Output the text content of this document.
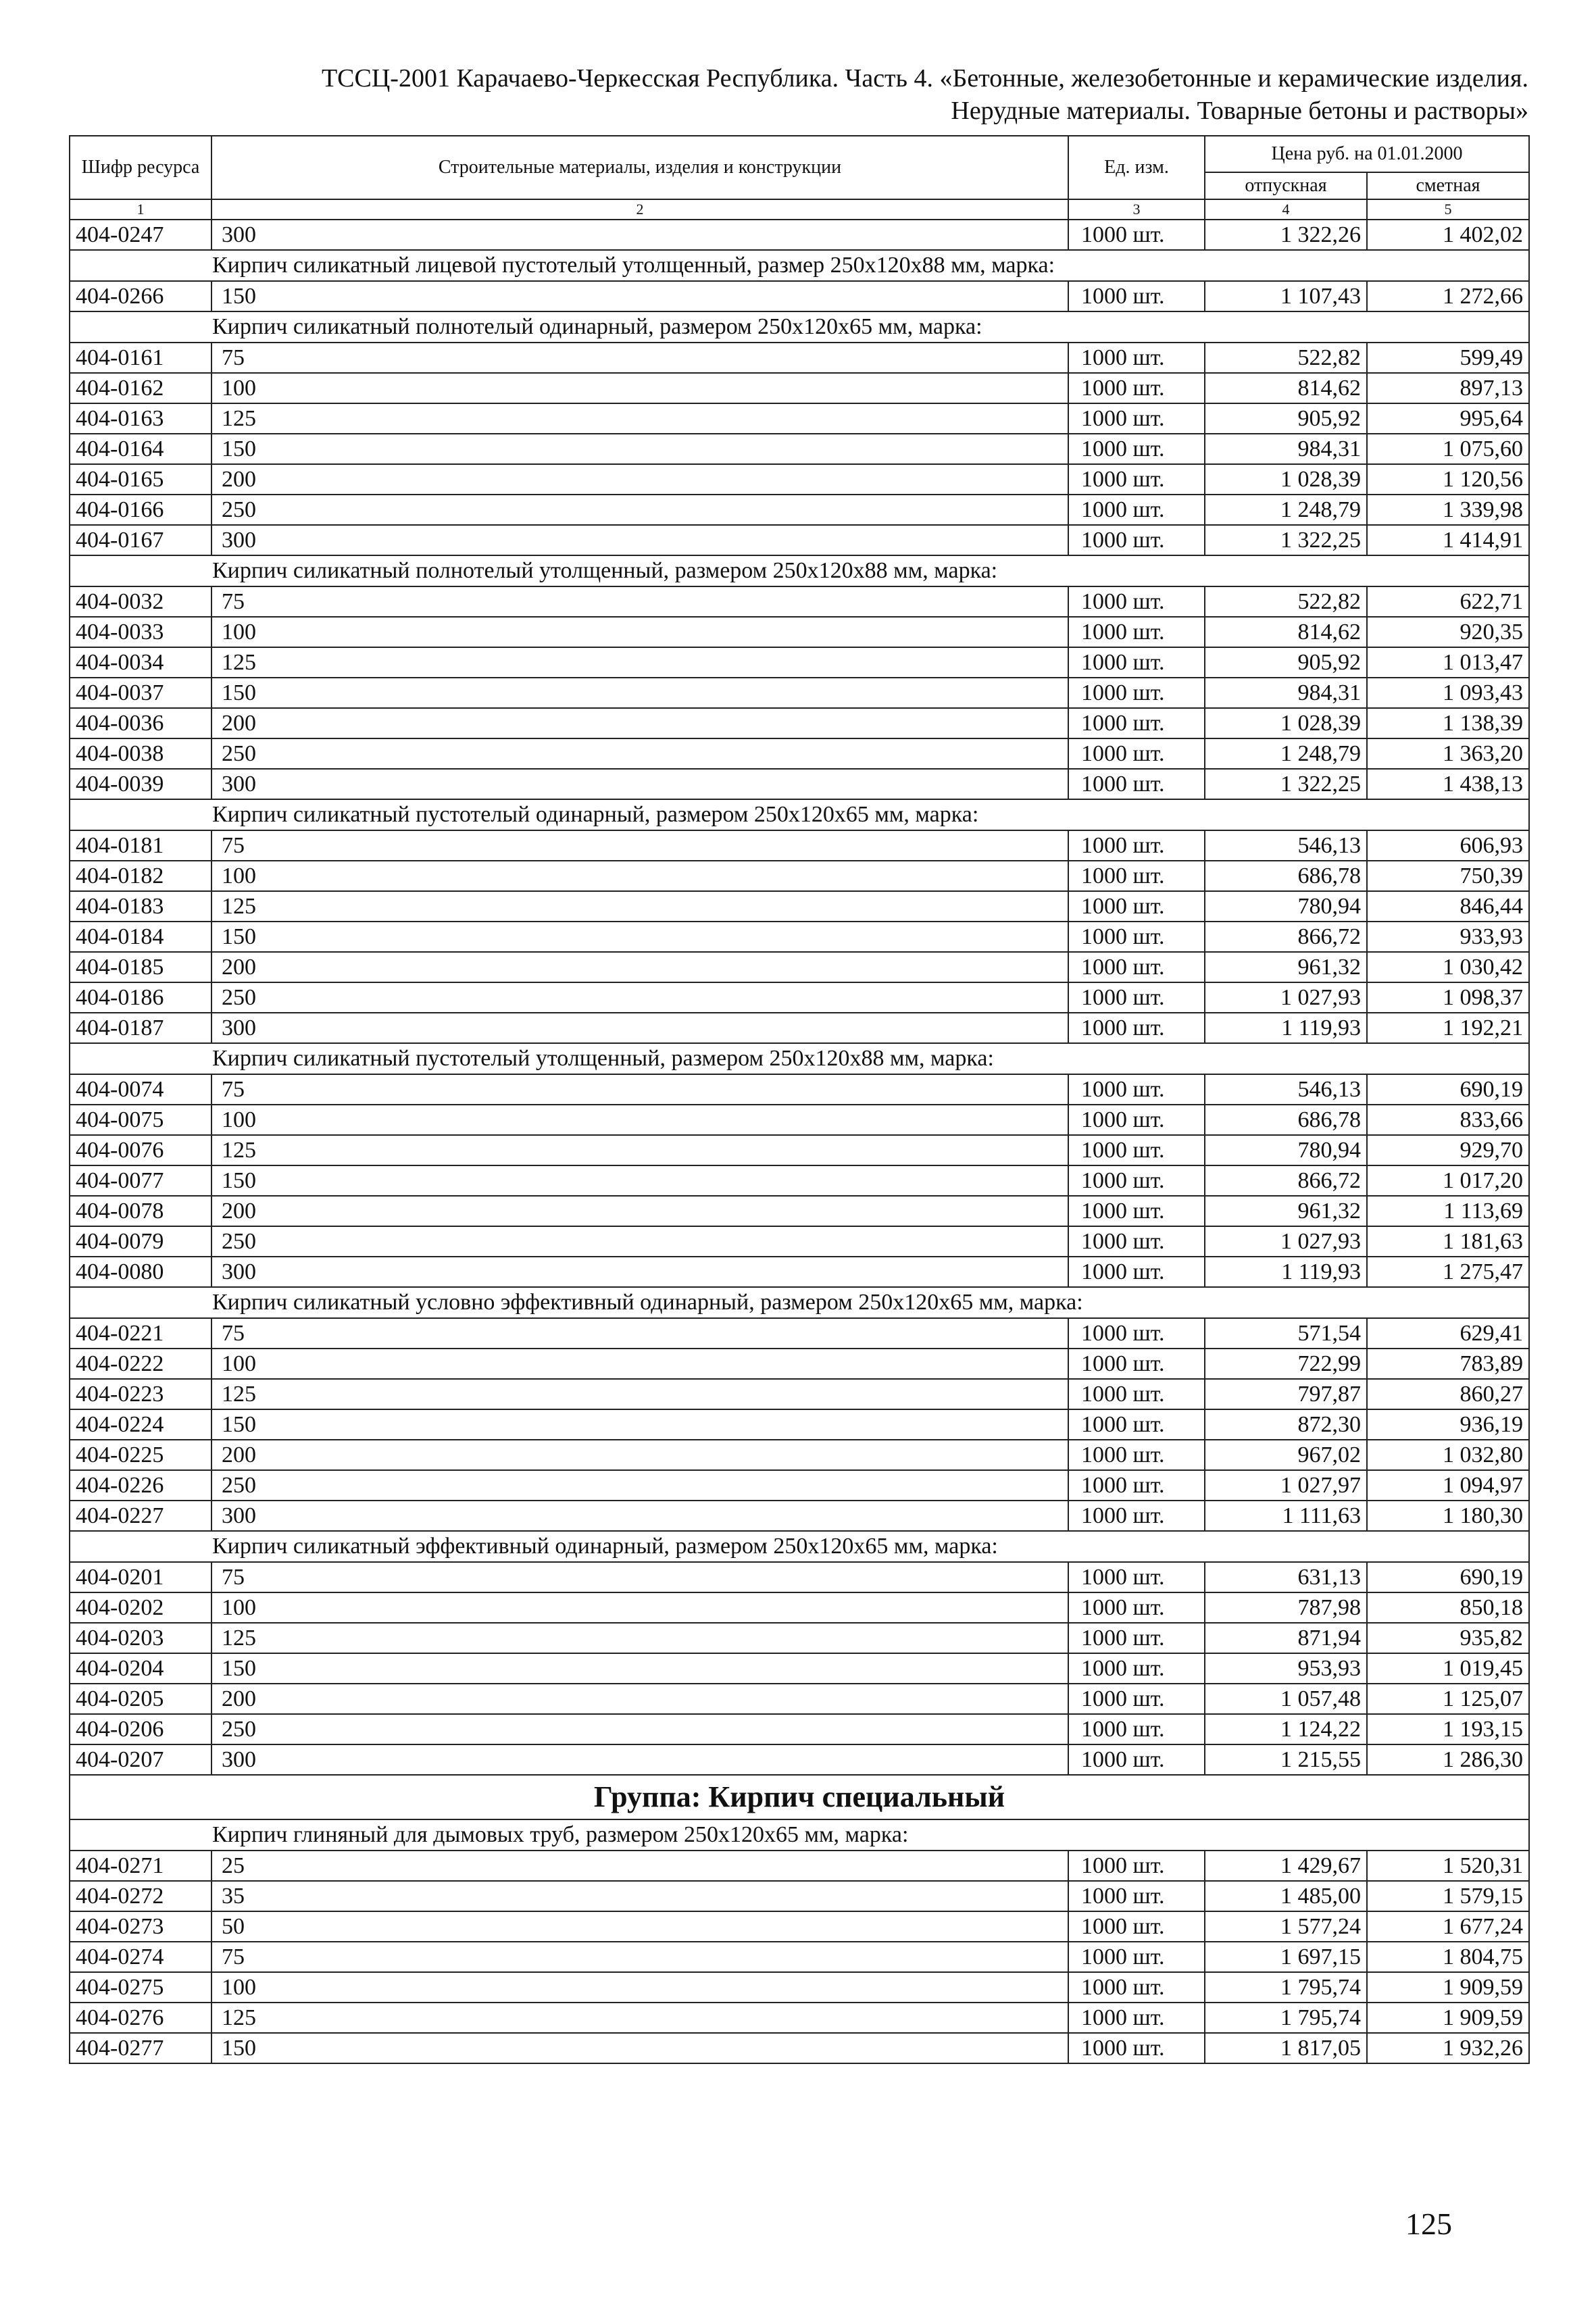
ТССЦ-2001 Карачаево-Черкесская Республика. Часть 4. «Бетонные, железобетонные и керамические изделия.
Нерудные материалы. Товарные бетоны и растворы»
Шифр ресурса	Строительные материалы, изделия и конструкции	Ед. изм.	Цена руб. на 01.01.2000	
			отпускная	сметная
1	2	3	4	5
404-0247	300	1000 шт.	1 322,26	1 402,02
Кирпич силикатный лицевой пустотелый утолщенный, размер 250х120х88 мм, марка:				
404-0266	150	1000 шт.	1 107,43	1 272,66
Кирпич силикатный полнотелый одинарный, размером 250х120х65 мм, марка:				
404-0161	75	1000 шт.	522,82	599,49
404-0162	100	1000 шт.	814,62	897,13
404-0163	125	1000 шт.	905,92	995,64
404-0164	150	1000 шт.	984,31	1 075,60
404-0165	200	1000 шт.	1 028,39	1 120,56
404-0166	250	1000 шт.	1 248,79	1 339,98
404-0167	300	1000 шт.	1 322,25	1 414,91
Кирпич силикатный полнотелый утолщенный, размером 250х120х88 мм, марка:				
404-0032	75	1000 шт.	522,82	622,71
404-0033	100	1000 шт.	814,62	920,35
404-0034	125	1000 шт.	905,92	1 013,47
404-0037	150	1000 шт.	984,31	1 093,43
404-0036	200	1000 шт.	1 028,39	1 138,39
404-0038	250	1000 шт.	1 248,79	1 363,20
404-0039	300	1000 шт.	1 322,25	1 438,13
Кирпич силикатный пустотелый одинарный, размером 250х120х65 мм, марка:				
404-0181	75	1000 шт.	546,13	606,93
404-0182	100	1000 шт.	686,78	750,39
404-0183	125	1000 шт.	780,94	846,44
404-0184	150	1000 шт.	866,72	933,93
404-0185	200	1000 шт.	961,32	1 030,42
404-0186	250	1000 шт.	1 027,93	1 098,37
404-0187	300	1000 шт.	1 119,93	1 192,21
Кирпич силикатный пустотелый утолщенный, размером 250х120х88 мм, марка:				
404-0074	75	1000 шт.	546,13	690,19
404-0075	100	1000 шт.	686,78	833,66
404-0076	125	1000 шт.	780,94	929,70
404-0077	150	1000 шт.	866,72	1 017,20
404-0078	200	1000 шт.	961,32	1 113,69
404-0079	250	1000 шт.	1 027,93	1 181,63
404-0080	300	1000 шт.	1 119,93	1 275,47
Кирпич силикатный условно эффективный одинарный, размером 250х120х65 мм, марка:				
404-0221	75	1000 шт.	571,54	629,41
404-0222	100	1000 шт.	722,99	783,89
404-0223	125	1000 шт.	797,87	860,27
404-0224	150	1000 шт.	872,30	936,19
404-0225	200	1000 шт.	967,02	1 032,80
404-0226	250	1000 шт.	1 027,97	1 094,97
404-0227	300	1000 шт.	1 111,63	1 180,30
Кирпич силикатный эффективный одинарный, размером 250х120х65 мм, марка:				
404-0201	75	1000 шт.	631,13	690,19
404-0202	100	1000 шт.	787,98	850,18
404-0203	125	1000 шт.	871,94	935,82
404-0204	150	1000 шт.	953,93	1 019,45
404-0205	200	1000 шт.	1 057,48	1 125,07
404-0206	250	1000 шт.	1 124,22	1 193,15
404-0207	300	1000 шт.	1 215,55	1 286,30
Группа: Кирпич специальный				
Кирпич глиняный для дымовых труб, размером 250х120х65 мм, марка:				
404-0271	25	1000 шт.	1 429,67	1 520,31
404-0272	35	1000 шт.	1 485,00	1 579,15
404-0273	50	1000 шт.	1 577,24	1 677,24
404-0274	75	1000 шт.	1 697,15	1 804,75
404-0275	100	1000 шт.	1 795,74	1 909,59
404-0276	125	1000 шт.	1 795,74	1 909,59
404-0277	150	1000 шт.	1 817,05	1 932,26
125
